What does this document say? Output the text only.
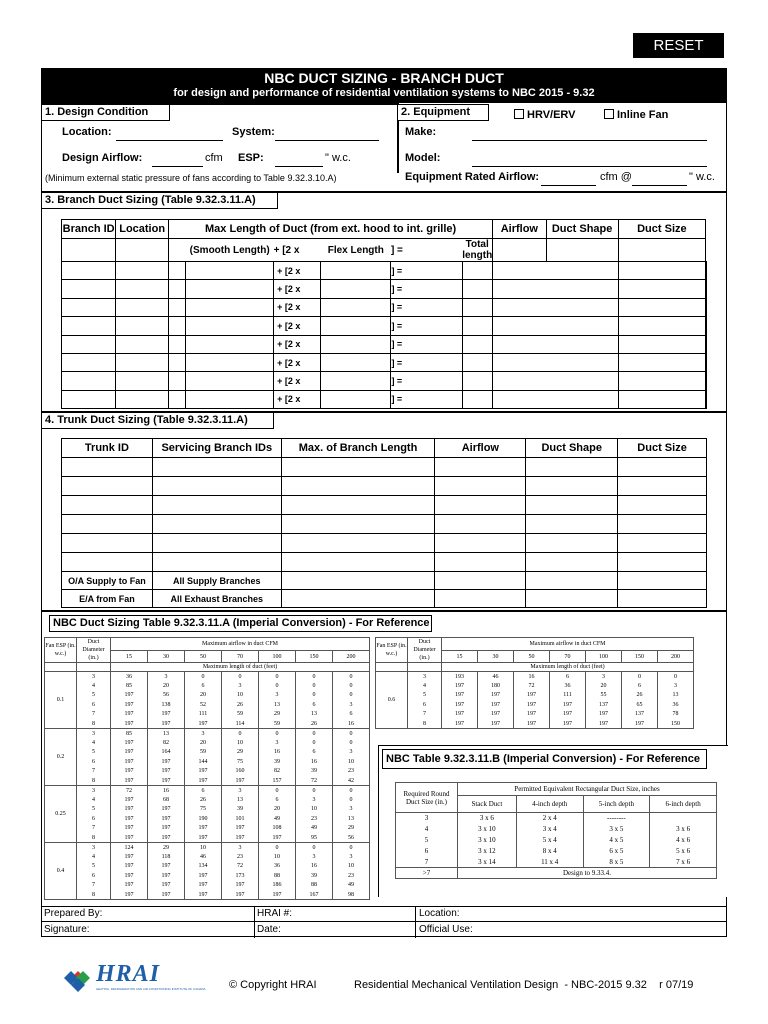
RESET
NBC DUCT SIZING - BRANCH DUCT
for design and performance of residential ventilation systems to NBC 2015 - 9.32
1. Design Condition
Location:	System:
Design Airflow:	cfm ESP:	" w.c.
(Minimum external static pressure of fans according to Table 9.32.3.10.A)
2. Equipment	HRV/ERV	Inline Fan
Make:
Model:
Equipment Rated Airflow:	cfm @	" w.c.
3. Branch Duct Sizing (Table 9.32.3.11.A)
Branch ID	Location	Max Length of Duct (from ext. hood to int. grille)						Airflow	Duct Shape	Duct Size	
			(Smooth Length)	+ [2 x	Flex Length	] =	Total length				
				+ [2 x		] =					
				+ [2 x		] =					
				+ [2 x		] =					
				+ [2 x		] =					
				+ [2 x		] =					
				+ [2 x		] =					
				+ [2 x		] =					
				+ [2 x		] =					
4. Trunk Duct Sizing (Table 9.32.3.11.A)
Trunk ID	Servicing Branch IDs	Max. of Branch Length	Airflow	Duct Shape	Duct Size

O/A Supply to Fan	All Supply Branches				
E/A from Fan	All Exhaust Branches				
NBC Duct Sizing Table 9.32.3.11.A (Imperial Conversion) - For Reference
Fan ESP (in. w.c.)	Duct Diameter (in.)	Maximum airflow in duct CFM						
		15	30	50	70	100	150	200
		Maximum length of duct (feet)						
0.1	3	36	3	0	0	0	0	0
	4	85	20	6	3	0	0	0
	5	197	56	20	10	3	0	0
	6	197	138	52	26	13	6	3
	7	197	197	111	59	29	13	6
	8	197	197	197	114	59	26	16
0.2	3	85	13	3	0	0	0	0
	4	197	82	20	10	3	0	0
	5	197	164	59	29	16	6	3
	6	197	197	144	75	39	16	10
	7	197	197	197	160	82	39	23
	8	197	197	197	197	157	72	42
0.25	3	72	16	6	3	0	0	0
	4	197	68	26	13	6	3	0
	5	197	197	75	39	20	10	3
	6	197	197	190	101	49	23	13
	7	197	197	197	197	108	49	29
	8	197	197	197	197	197	95	56
0.4	3	124	29	10	3	0	0	0
	4	197	118	46	23	10	3	3
	5	197	197	134	72	36	16	10
	6	197	197	197	173	88	39	23
	7	197	197	197	197	186	88	49
	8	197	197	197	197	197	167	98
Fan ESP (in. w.c.)	Duct Diameter (in.)	Maximum airflow in duct CFM						
		15	30	50	70	100	150	200
		Maximum length of duct (feet)						
0.6	3	193	46	16	6	3	0	0
	4	197	180	72	36	20	6	3
	5	197	197	197	111	55	26	13
	6	197	197	197	197	137	65	36
	7	197	197	197	197	197	137	78
	8	197	197	197	197	197	197	150
NBC Table 9.32.3.11.B (Imperial Conversion) - For Reference
Required Round Duct Size (in.)	Permitted Equivalent Rectangular Duct Size, inches			
	Stack Duct	4-inch depth	5-inch depth	6-inch depth
3	3 x 6	2 x 4	--------	
4	3 x 10	3 x 4	3 x 5	3 x 6
5	3 x 10	5 x 4	4 x 5	4 x 6
6	3 x 12	8 x 4	6 x 5	5 x 6
7	3 x 14	11 x 4	8 x 5	7 x 6
>7	Design to 9.33.4.			
Prepared By:	HRAI #:	Location:
Signature:	Date:	Official Use:
HRAI
HEATING, REFRIGERATION AND AIR CONDITIONING INSTITUTE OF CANADA © Copyright HRAI	Residential Mechanical Ventilation Design  - NBC-2015 9.32    r 07/19
